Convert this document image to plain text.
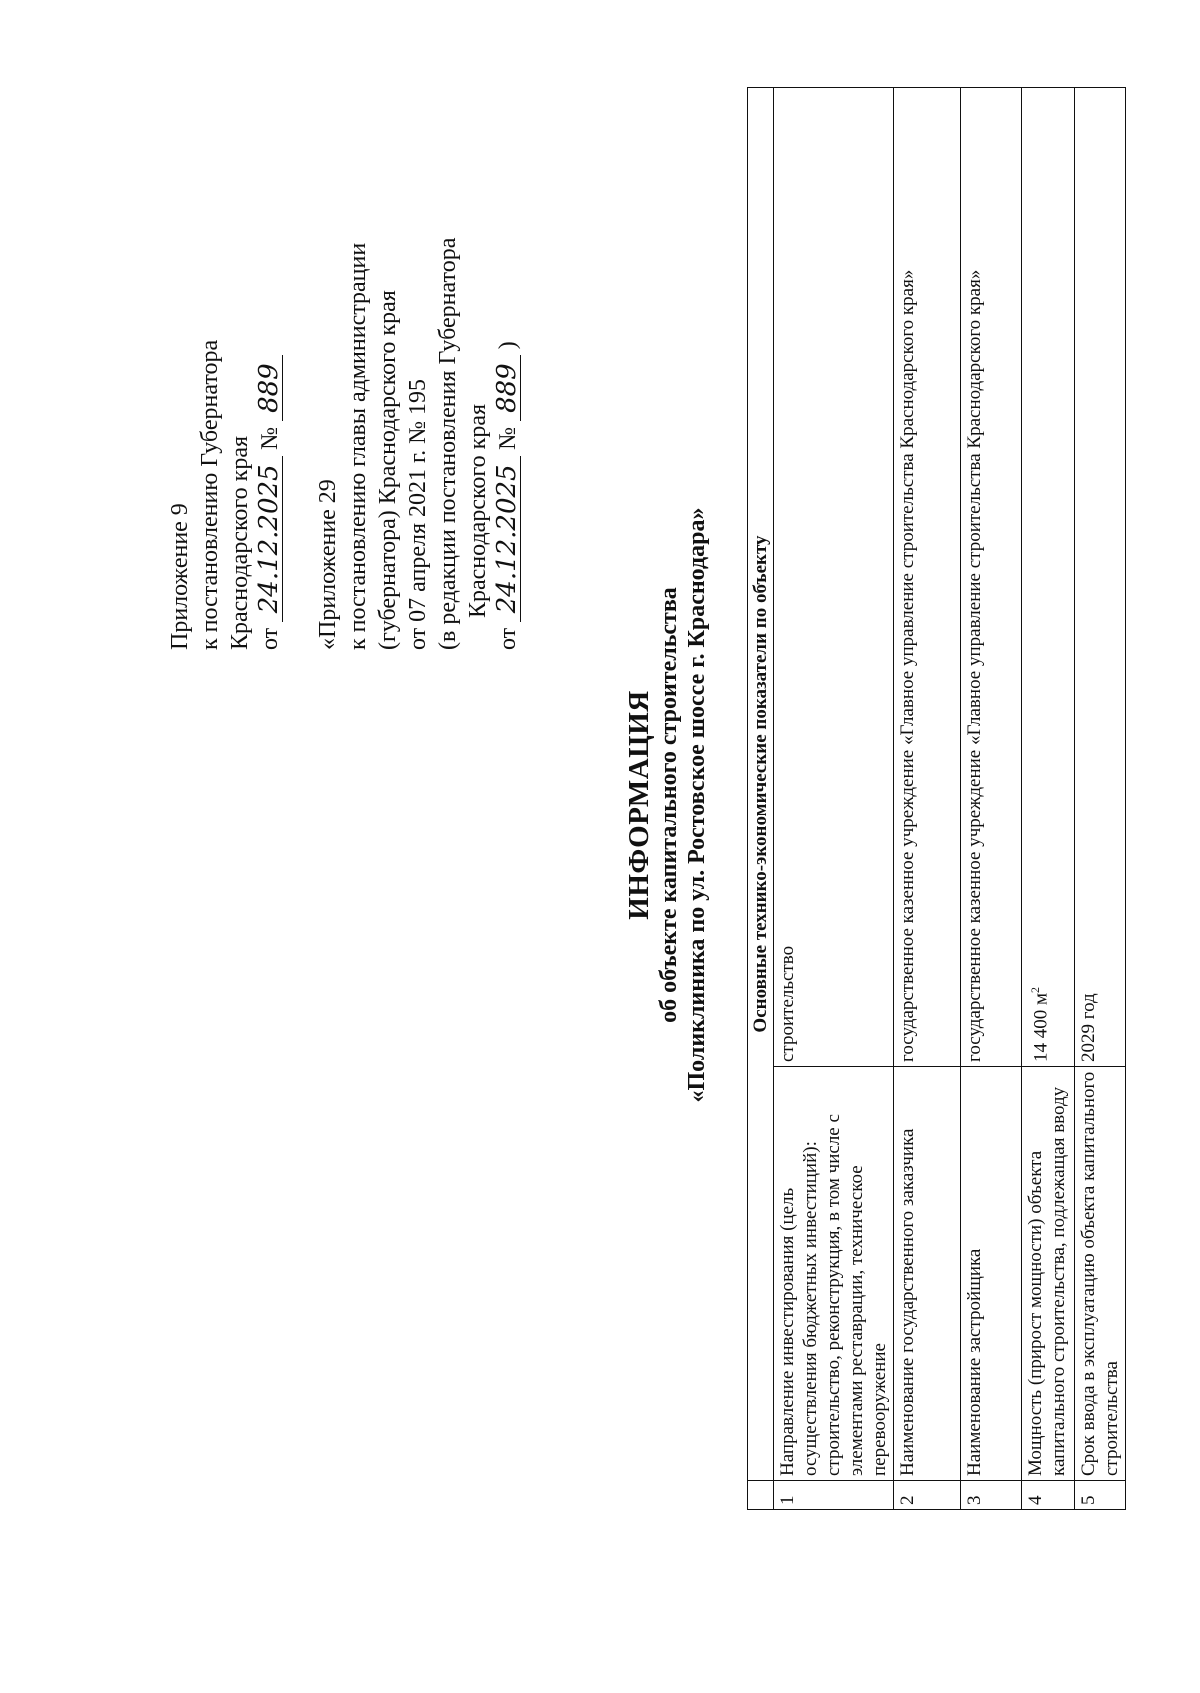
Приложение 9 к постановлению Губернатора Краснодарского края от 24.12.2025 № 889
«Приложение 29 к постановлению главы администрации (губернатора) Краснодарского края от 07 апреля 2021 г. № 195 (в редакции постановления Губернатора Краснодарского края
от 24.12.2025 № 889 )
ИНФОРМАЦИЯ об объекте капитального строительства «Поликлиника по ул. Ростовское шоссе г. Краснодара»
	Основные технико-экономические показатели по объекту	
1	Направление инвестирования (цель осуществления бюджетных инвестиций): строительство, реконструкция, в том числе с элементами реставрации, техническое перевооружение	строительство
2	Наименование государственного заказчика	государственное казенное учреждение «Главное управление строительства Краснодарского края»
3	Наименование застройщика	государственное казенное учреждение «Главное управление строительства Краснодарского края»
4	Мощность (прирост мощности) объекта капитального строительства, подлежащая вводу	14 400 $м^2$
5	Срок ввода в эксплуатацию объекта капитального строительства	2029 год
